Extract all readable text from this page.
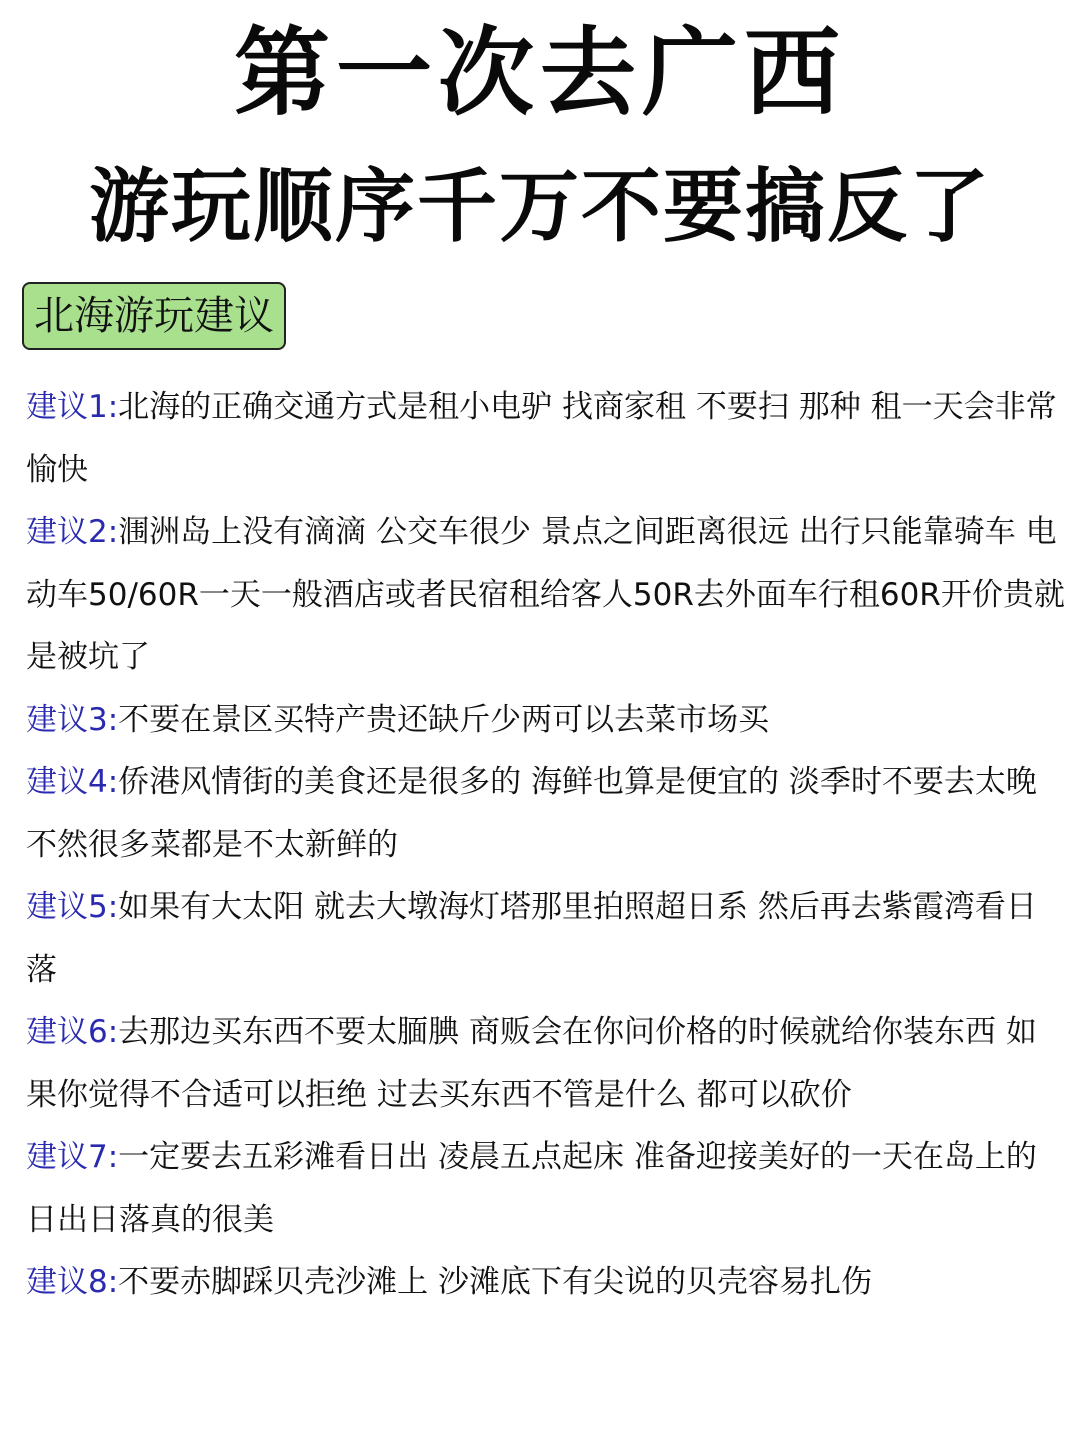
第一次去广西
游玩顺序千万不要搞反了
北海游玩建议
建议1:北海的正确交通方式是租小电驴 找商家租 不要扫 那种 租一天会非常愉快
建议2:涠洲岛上没有滴滴 公交车很少 景点之间距离很远 出行只能靠骑车 电动车50/60R一天一般酒店或者民宿租给客人50R去外面车行租60R开价贵就是被坑了
建议3:不要在景区买特产贵还缺斤少两可以去菜市场买
建议4:侨港风情街的美食还是很多的 海鲜也算是便宜的 淡季时不要去太晚 不然很多菜都是不太新鲜的
建议5:如果有大太阳 就去大墩海灯塔那里拍照超日系 然后再去紫霞湾看日落
建议6:去那边买东西不要太腼腆 商贩会在你问价格的时候就给你装东西 如果你觉得不合适可以拒绝 过去买东西不管是什么 都可以砍价
建议7:一定要去五彩滩看日出 凌晨五点起床 准备迎接美好的一天在岛上的日出日落真的很美
建议8:不要赤脚踩贝壳沙滩上 沙滩底下有尖说的贝壳容易扎伤
